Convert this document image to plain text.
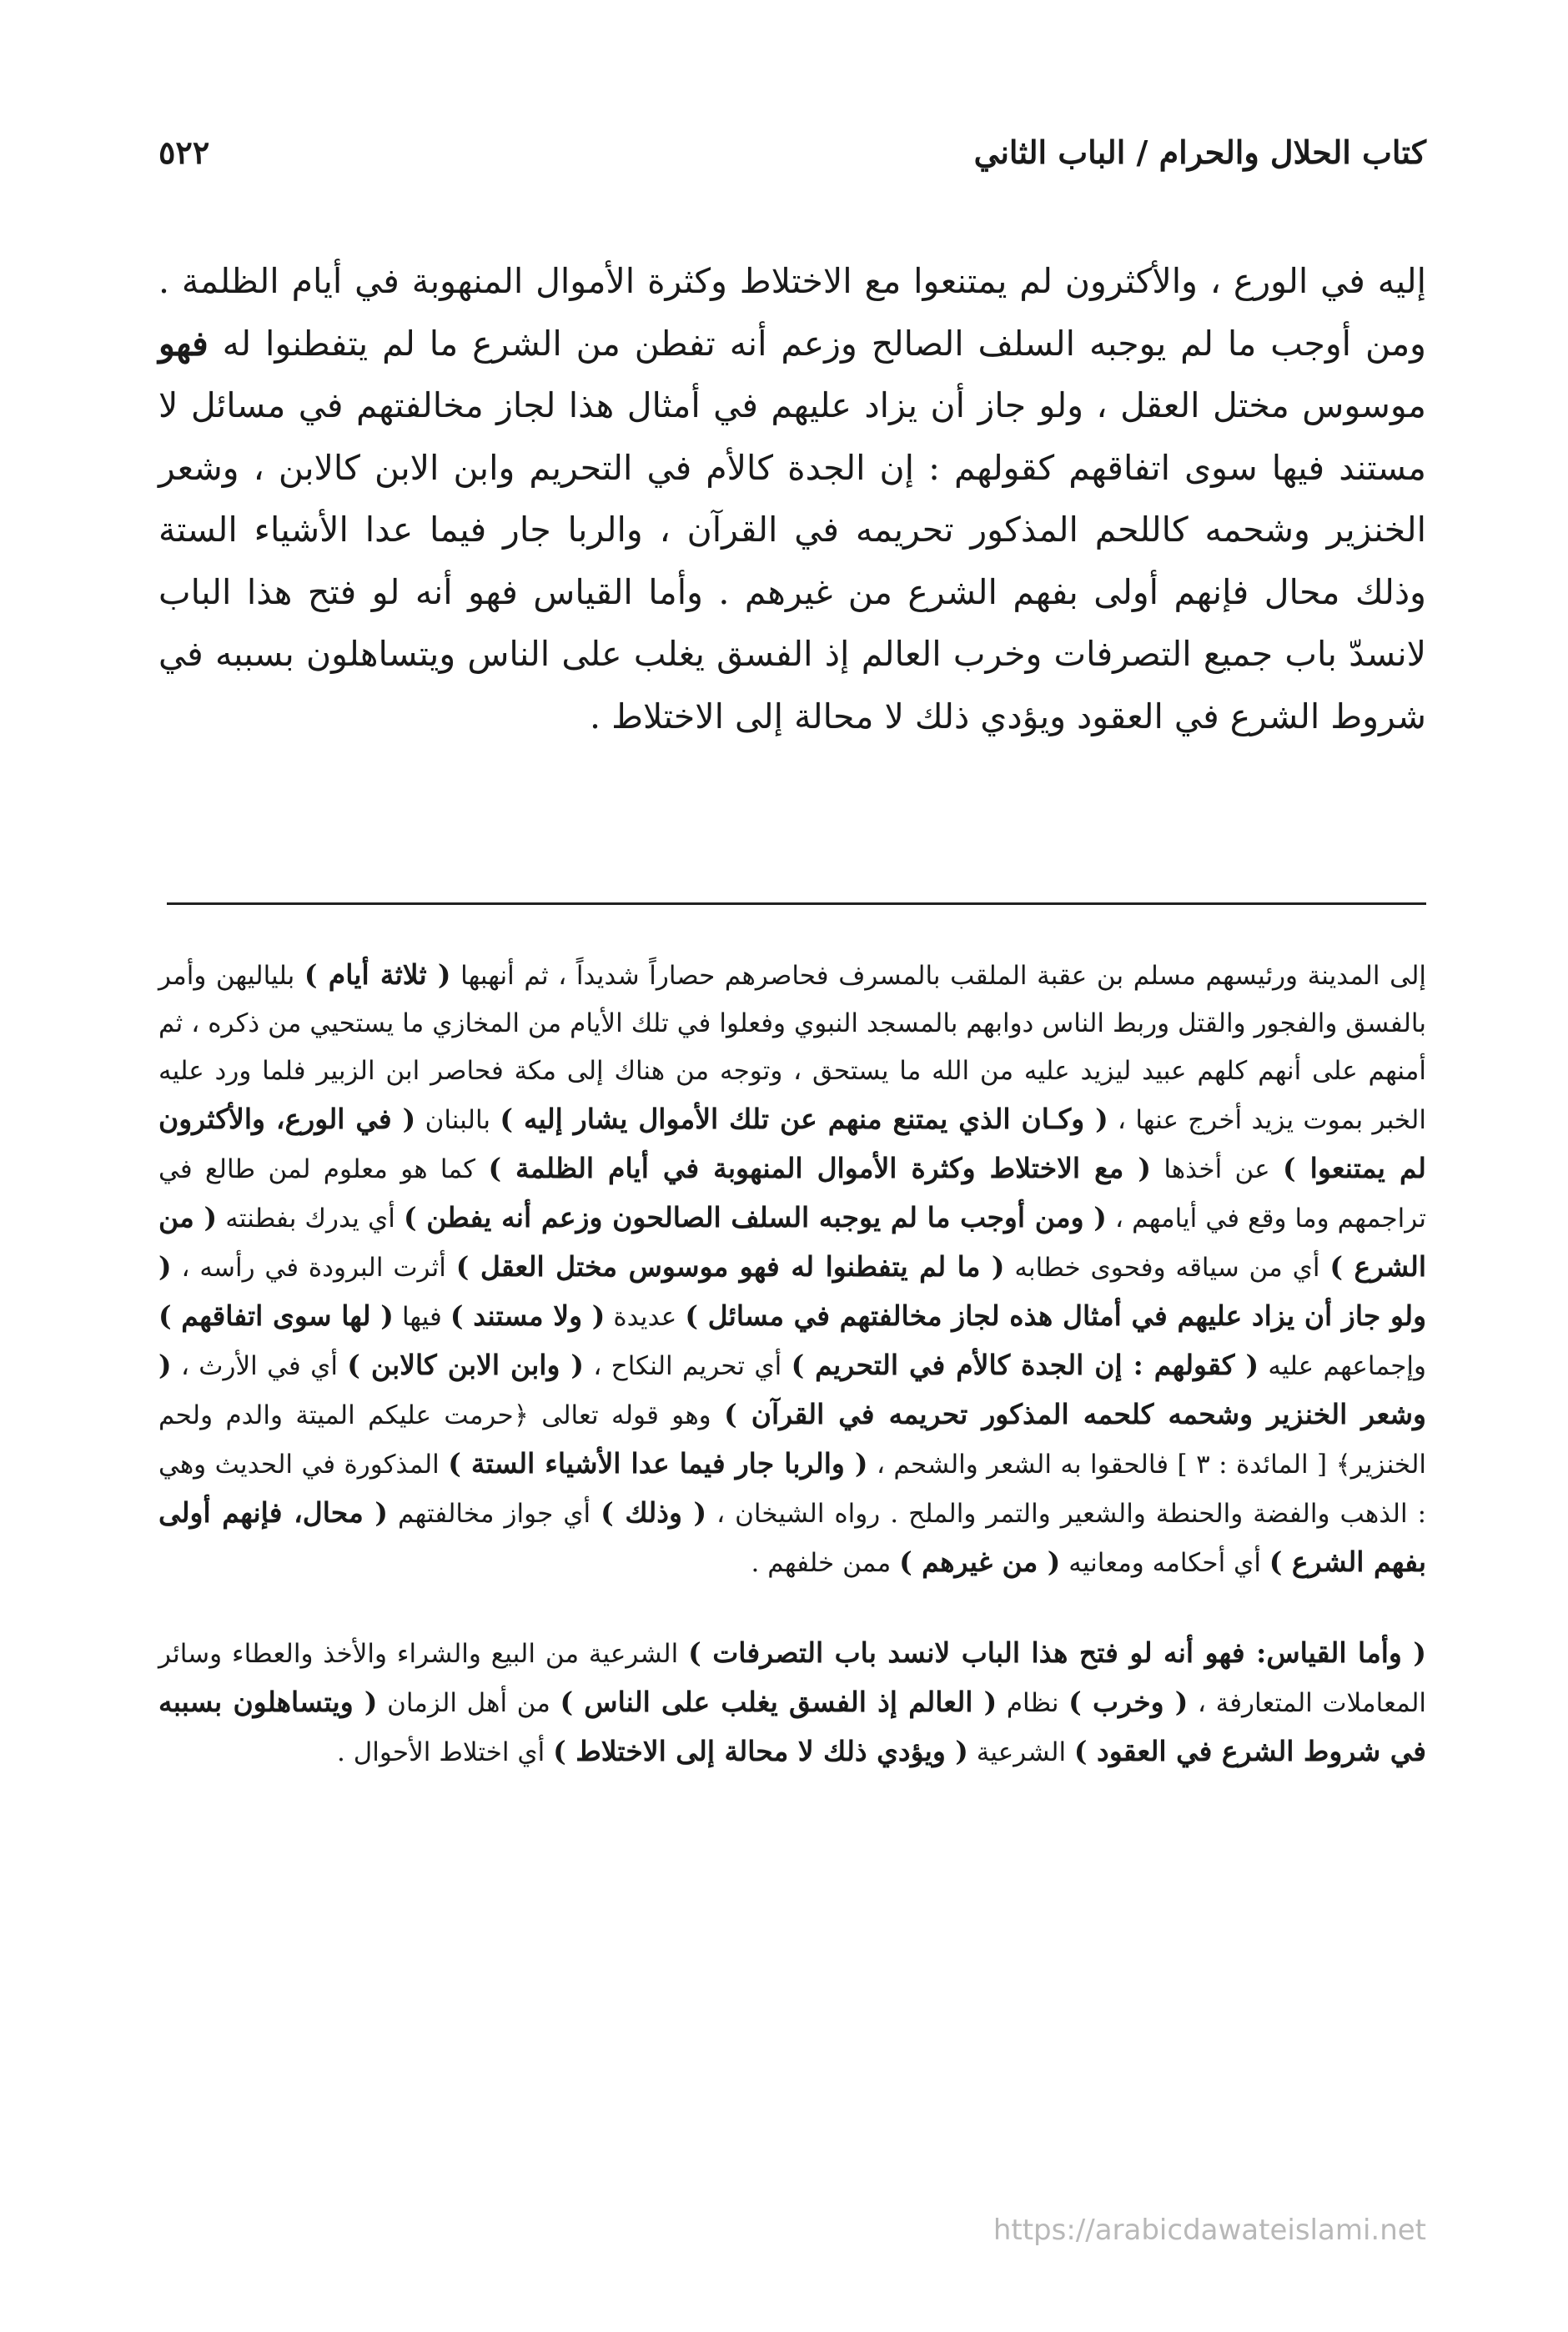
٥٢٢	كتاب الحلال والحرام / الباب الثاني

إليه في الورع ، والأكثرون لم يمتنعوا مع الاختلاط وكثرة الأموال المنهوبة في أيام الظلمة . ومن أوجب ما لم يوجبه السلف الصالح وزعم أنه تفطن من الشرع ما لم يتفطنوا له فهو موسوس مختل العقل ، ولو جاز أن يزاد عليهم في أمثال هذا لجاز مخالفتهم في مسائل لا مستند فيها سوى اتفاقهم كقولهم : إن الجدة كالأم في التحريم وابن الابن كالابن ، وشعر الخنزير وشحمه كاللحم المذكور تحريمه في القرآن ، والربا جار فيما عدا الأشياء الستة وذلك محال فإنهم أولى بفهم الشرع من غيرهم . وأما القياس فهو أنه لو فتح هذا الباب لانسدّ باب جميع التصرفات وخرب العالم إذ الفسق يغلب على الناس ويتساهلون بسببه في شروط الشرع في العقود ويؤدي ذلك لا محالة إلى الاختلاط .

إلى المدينة ورئيسهم مسلم بن عقبة الملقب بالمسرف فحاصرهم حصاراً شديداً ، ثم أنهبها ( ثلاثة أيام ) بلياليهن وأمر بالفسق والفجور والقتل وربط الناس دوابهم بالمسجد النبوي وفعلوا في تلك الأيام من المخازي ما يستحيي من ذكره ، ثم أمنهم على أنهم كلهم عبيد ليزيد عليه من الله ما يستحق ، وتوجه من هناك إلى مكة فحاصر ابن الزبير فلما ورد عليه الخبر بموت يزيد أخرج عنها ، ( وكـان الذي يمتنع منهم عن تلك الأموال يشار إليه ) بالبنان ( في الورع، والأكثرون لم يمتنعوا ) عن أخذها ( مع الاختلاط وكثرة الأموال المنهوبة في أيام الظلمة ) كما هو معلوم لمن طالع في تراجمهم وما وقع في أيامهم ، ( ومن أوجب ما لم يوجبه السلف الصالحون وزعم أنه يفطن ) أي يدرك بفطنته ( من الشرع ) أي من سياقه وفحوى خطابه ( ما لم يتفطنوا له فهو موسوس مختل العقل ) أثرت البرودة في رأسه ، ( ولو جاز أن يزاد عليهم في أمثال هذه لجاز مخالفتهم في مسائل ) عديدة ( ولا مستند ) فيها ( لها سوى اتفاقهم ) وإجماعهم عليه ( كقولهم : إن الجدة كالأم في التحريم ) أي تحريم النكاح ، ( وابن الابن كالابن ) أي في الأرث ، ( وشعر الخنزير وشحمه كلحمه المذكور تحريمه في القرآن ) وهو قوله تعالى ﴿حرمت عليكم الميتة والدم ولحم الخنزير﴾ [ المائدة : ٣ ] فالحقوا به الشعر والشحم ، ( والربا جار فيما عدا الأشياء الستة ) المذكورة في الحديث وهي : الذهب والفضة والحنطة والشعير والتمر والملح . رواه الشيخان ، ( وذلك ) أي جواز مخالفتهم ( محال، فإنهم أولى بفهم الشرع ) أي أحكامه ومعانيه ( من غيرهم ) ممن خلفهم .

( وأما القياس: فهو أنه لو فتح هذا الباب لانسد باب التصرفات ) الشرعية من البيع والشراء والأخذ والعطاء وسائر المعاملات المتعارفة ، ( وخرب ) نظام ( العالم إذ الفسق يغلب على الناس ) من أهل الزمان ( ويتساهلون بسببه في شروط الشرع في العقود ) الشرعية ( ويؤدي ذلك لا محالة إلى الاختلاط ) أي اختلاط الأحوال .

https://arabicdawateislami.net
